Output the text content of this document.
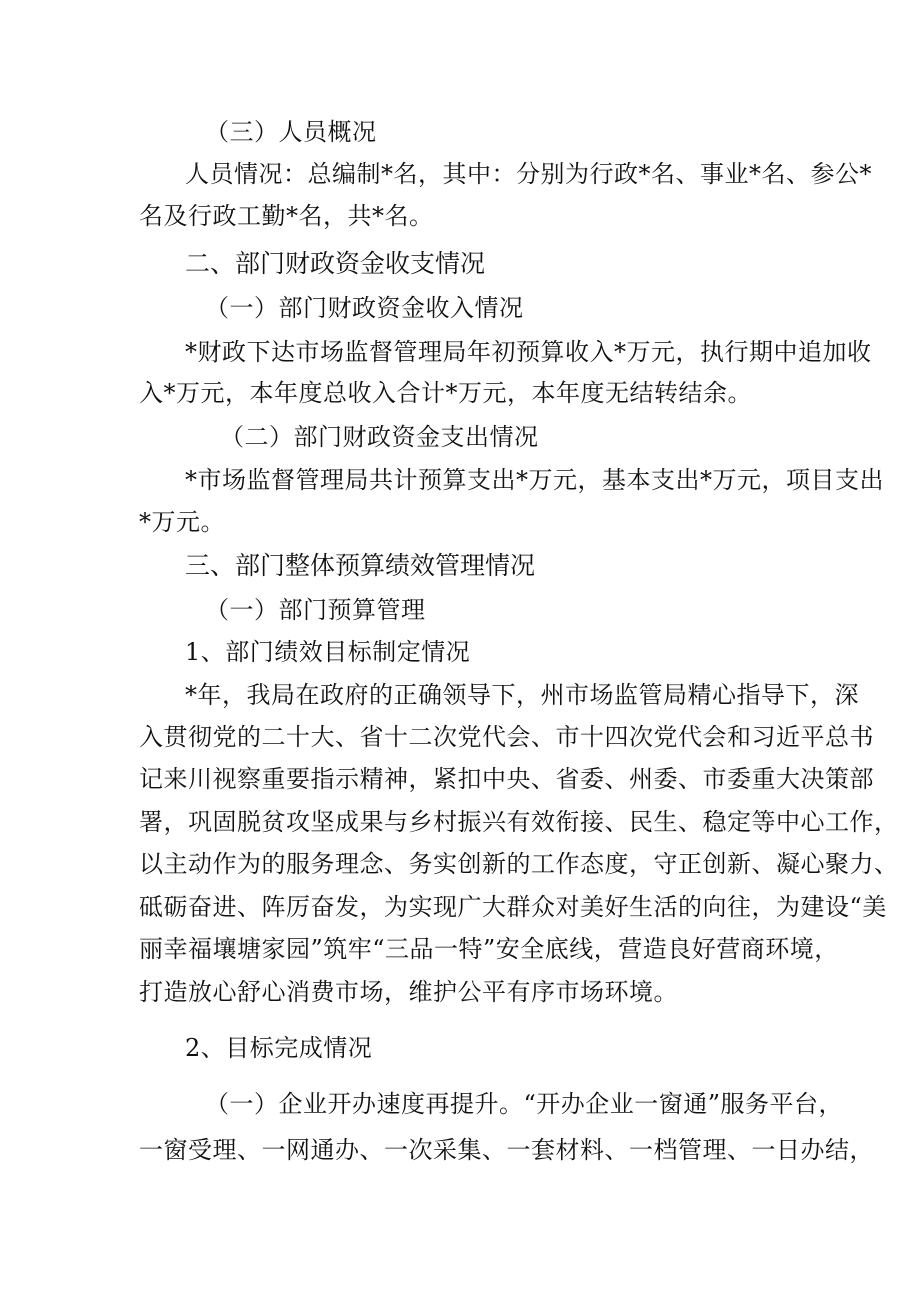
（三）人员概况
人员情况：总编制*名，其中：分别为行政*名、事业*名、参公*
名及行政工勤*名，共*名。
二、部门财政资金收支情况
（一）部门财政资金收入情况
*财政下达市场监督管理局年初预算收入*万元，执行期中追加收
入*万元，本年度总收入合计*万元，本年度无结转结余。
（二）部门财政资金支出情况
*市场监督管理局共计预算支出*万元，基本支出*万元，项目支出
*万元。
三、部门整体预算绩效管理情况
（一）部门预算管理
1、部门绩效目标制定情况
*年，我局在政府的正确领导下，州市场监管局精心指导下，深
入贯彻党的二十大、省十二次党代会、市十四次党代会和习近平总书
记来川视察重要指示精神，紧扣中央、省委、州委、市委重大决策部
署，巩固脱贫攻坚成果与乡村振兴有效衔接、民生、稳定等中心工作，
以主动作为的服务理念、务实创新的工作态度，守正创新、凝心聚力、
砥砺奋进、阵厉奋发，为实现广大群众对美好生活的向往，为建设“美
丽幸福壤塘家园”筑牢“三品一特”安全底线，营造良好营商环境，
打造放心舒心消费市场，维护公平有序市场环境。
2、目标完成情况
（一）企业开办速度再提升。“开办企业一窗通”服务平台，
一窗受理、一网通办、一次采集、一套材料、一档管理、一日办结，
